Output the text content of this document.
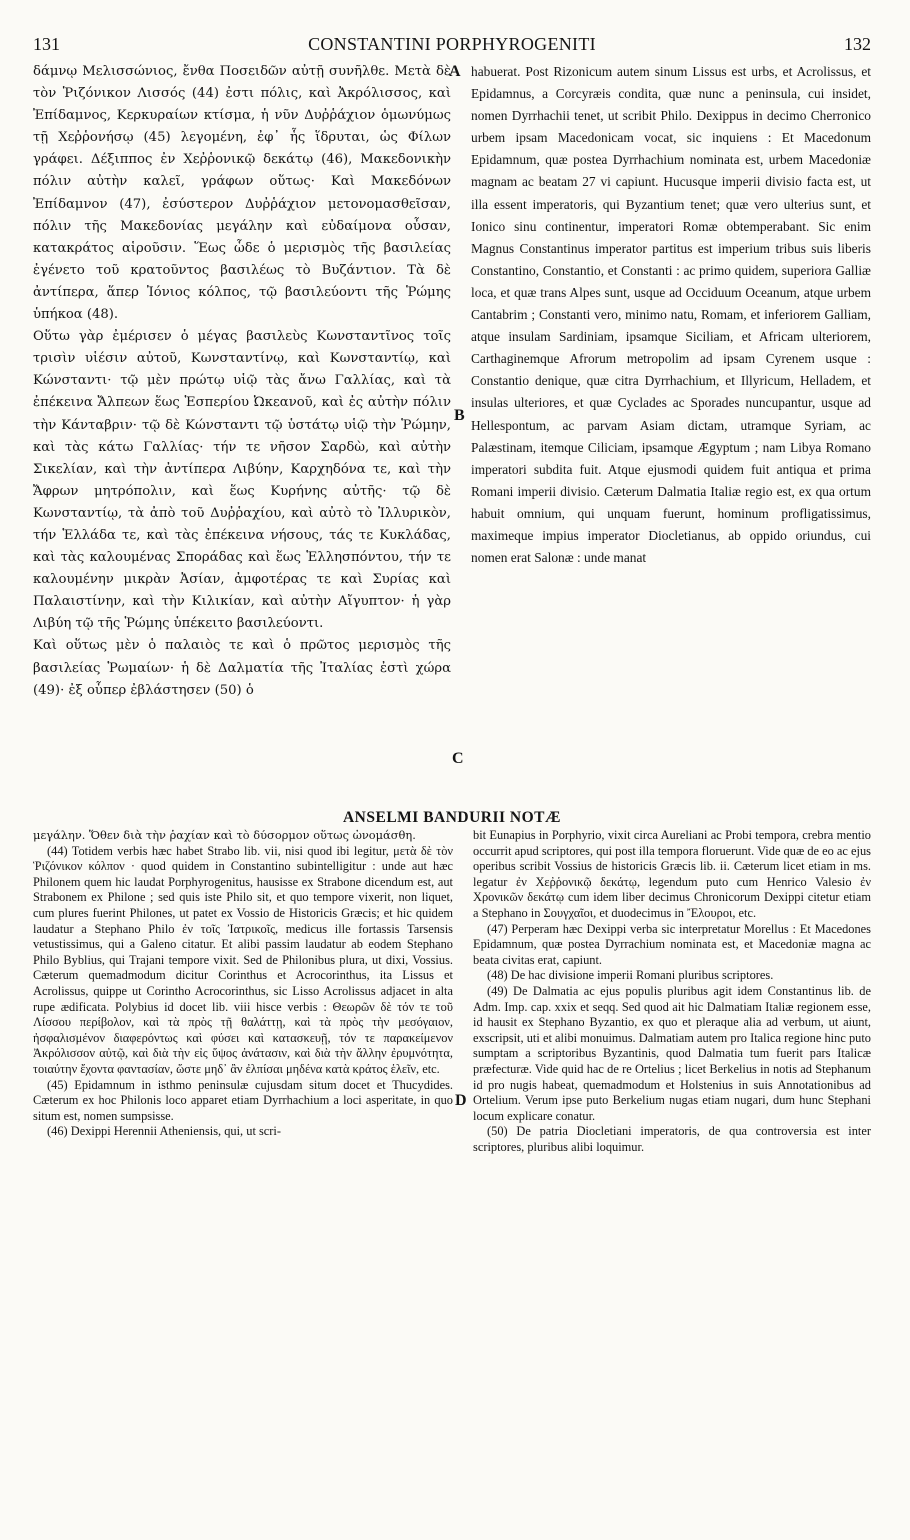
131	CONSTANTINI PORPHYROGENITI	132

δάμνῳ Μελισσώνιος, ἔνθα Ποσειδῶν αὐτῇ συνῆλθε. Μετὰ δὲ τὸν Ῥιζόνικον Λισσός (44) ἐστι πόλις, καὶ Ἀκρόλισσος, καὶ Ἐπίδαμνος, Κερκυραίων κτίσμα, ἡ νῦν Δυῤῥάχιον ὁμωνύμως τῇ Χεῤῥονήσῳ (45) λεγομένη, ἐφ᾽ ἧς ἵδρυται, ὡς Φίλων γράφει. Δέξιππος ἐν Χεῤῥονικῷ δεκάτῳ (46), Μακεδονικὴν πόλιν αὐτὴν καλεῖ, γράφων οὕτως· Καὶ Μακεδόνων Ἐπίδαμνον (47), ἐσύστερον Δυῤῥάχιον μετονομασθεῖσαν, πόλιν τῆς Μακεδονίας μεγάλην καὶ εὐδαίμονα οὖσαν, κατακράτος αἱροῦσιν. Ἕως ὧδε ὁ μερισμὸς τῆς βασιλείας ἐγένετο τοῦ κρατοῦντος βασιλέως τὸ Βυζάντιον. Τὰ δὲ ἀντίπερα, ἅπερ Ἰόνιος κόλπος, τῷ βασιλεύοντι τῆς Ῥώμης ὑπήκοα (48).

Οὕτω γὰρ ἐμέρισεν ὁ μέγας βασιλεὺς Κωνσταντῖνος τοῖς τρισὶν υἱέσιν αὐτοῦ, Κωνσταντίνῳ, καὶ Κωνσταντίῳ, καὶ Κώνσταντι· τῷ μὲν πρώτῳ υἱῷ τὰς ἄνω Γαλλίας, καὶ τὰ ἐπέκεινα Ἄλπεων ἕως Ἑσπερίου Ὠκεανοῦ, καὶ ἐς αὐτὴν πόλιν τὴν Κάνταβριν· τῷ δὲ Κώνσταντι τῷ ὑστάτῳ υἱῷ τὴν Ῥώμην, καὶ τὰς κάτω Γαλλίας· τήν τε νῆσον Σαρδὼ, καὶ αὐτὴν Σικελίαν, καὶ τὴν ἀντίπερα Λιβύην, Καρχηδόνα τε, καὶ τὴν Ἄφρων μητρόπολιν, καὶ ἕως Κυρήνης αὐτῆς· τῷ δὲ Κωνσταντίῳ, τὰ ἀπὸ τοῦ Δυῤῥαχίου, καὶ αὐτὸ τὸ Ἰλλυρικὸν, τήν Ἑλλάδα τε, καὶ τὰς ἐπέκεινα νήσους, τάς τε Κυκλάδας, καὶ τὰς καλουμένας Σποράδας καὶ ἕως Ἑλλησπόντου, τήν τε καλουμένην μικρὰν Ἀσίαν, ἀμφοτέρας τε καὶ Συρίας καὶ Παλαιστίνην, καὶ τὴν Κιλικίαν, καὶ αὐτὴν Αἴγυπτον· ἡ γὰρ Λιβύη τῷ τῆς Ῥώμης ὑπέκειτο βασιλεύοντι.

Καὶ οὕτως μὲν ὁ παλαιὸς τε καὶ ὁ πρῶτος μερισμὸς τῆς βασιλείας Ῥωμαίων· ἡ δὲ Δαλματία τῆς Ἰταλίας ἐστὶ χώρα (49)· ἐξ οὗπερ ἐβλάστησεν (50) ὁ

A
B
C

habuerat. Post Rizonicum autem sinum Lissus est urbs, et Acrolissus, et Epidamnus, a Corcyræis condita, quæ nunc a peninsula, cui insidet, nomen Dyrrhachii tenet, ut scribit Philo. Dexippus in decimo Cherronico urbem ipsam Macedonicam vocat, sic inquiens : Et Macedonum Epidamnum, quæ postea Dyrrhachium nominata est, urbem Macedoniæ magnam ac beatam 27 vi capiunt. Hucusque imperii divisio facta est, ut illa essent imperatoris, qui Byzantium tenet; quæ vero ulterius sunt, et Ionico sinu continentur, imperatori Romæ obtemperabant. Sic enim Magnus Constantinus imperator partitus est imperium tribus suis liberis Constantino, Constantio, et Constanti : ac primo quidem, superiora Galliæ loca, et quæ trans Alpes sunt, usque ad Occiduum Oceanum, atque urbem Cantabrim ; Constanti vero, minimo natu, Romam, et inferiorem Galliam, atque insulam Sardiniam, ipsamque Siciliam, et Africam ulteriorem, Carthaginemque Afrorum metropolim ad ipsam Cyrenem usque : Constantio denique, quæ citra Dyrrhachium, et Illyricum, Helladem, et insulas ulteriores, et quæ Cyclades ac Sporades nuncupantur, usque ad Hellespontum, ac parvam Asiam dictam, utramque Syriam, ac Palæstinam, itemque Ciliciam, ipsamque Ægyptum ; nam Libya Romano imperatori subdita fuit. Atque ejusmodi quidem fuit antiqua et prima Romani imperii divisio. Cæterum Dalmatia Italiæ regio est, ex qua ortum habuit omnium, qui unquam fuerunt, hominum profligatissimus, maximeque impius imperator Diocletianus, ab oppido oriundus, cui nomen erat Salonæ : unde manat

ANSELMI BANDURII NOTÆ

μεγάλην. Ὅθεν διὰ τὴν ῥαχίαν καὶ τὸ δύσορμον οὕτως ὠνομάσθη.

(44) Totidem verbis hæc habet Strabo lib. vii, nisi quod ibi legitur, μετὰ δὲ τὸν Ῥιζόνικον κόλπον · quod quidem in Constantino subintelligitur : unde aut hæc Philonem quem hic laudat Porphyrogenitus, hausisse ex Strabone dicendum est, aut Strabonem ex Philone ; sed quis iste Philo sit, et quo tempore vixerit, non liquet, cum plures fuerint Philones, ut patet ex Vossio de Historicis Græcis; et hic quidem laudatur a Stephano Philo ἐν τοῖς Ἰατρικοῖς, medicus ille fortassis Tarsensis vetustissimus, qui a Galeno citatur. Et alibi passim laudatur ab eodem Stephano Philo Byblius, qui Trajani tempore vixit. Sed de Philonibus plura, ut dixi, Vossius. Cæterum quemadmodum dicitur Corinthus et Acrocorinthus, ita Lissus et Acrolissus, quippe ut Corintho Acrocorinthus, sic Lisso Acrolissus adjacet in alta rupe ædificata. Polybius id docet lib. viii hisce verbis : Θεωρῶν δὲ τόν τε τοῦ Λίσσου περίβολον, καὶ τὰ πρὸς τῇ θαλάττῃ, καὶ τὰ πρὸς τὴν μεσόγαιον, ἠσφαλισμένον διαφερόντως καὶ φύσει καὶ κατασκευῇ, τόν τε παρακείμενον Ἀκρόλισσον αὐτῷ, καὶ διὰ τὴν εἰς ὕψος ἀνάτασιν, καὶ διὰ τὴν ἄλλην ἐρυμνότητα, τοιαύτην ἔχοντα φαντασίαν, ὥστε μηδ᾽ ἂν ἐλπίσαι μηδένα κατὰ κράτος ἑλεῖν, etc.

(45) Epidamnum in isthmo peninsulæ cujusdam situm docet et Thucydides. Cæterum ex hoc Philonis loco apparet etiam Dyrrhachium a loci asperitate, in quo situm est, nomen sumpsisse.

(46) Dexippi Herennii Atheniensis, qui, ut scri-

D

bit Eunapius in Porphyrio, vixit circa Aureliani ac Probi tempora, crebra mentio occurrit apud scriptores, qui post illa tempora floruerunt. Vide quæ de eo ac ejus operibus scribit Vossius de historicis Græcis lib. ii. Cæterum licet etiam in ms. legatur ἐν Χεῤῥονικῷ δεκάτῳ, legendum puto cum Henrico Valesio ἐν Χρονικῶν δεκάτῳ cum idem liber decimus Chronicorum Dexippi citetur etiam a Stephano in Σουγχαῖοι, et duodecimus in Ἔλουροι, etc.

(47) Perperam hæc Dexippi verba sic interpretatur Morellus : Et Macedones Epidamnum, quæ postea Dyrrachium nominata est, et Macedoniæ magna ac beata civitas erat, capiunt.

(48) De hac divisione imperii Romani pluribus scriptores.

(49) De Dalmatia ac ejus populis pluribus agit idem Constantinus lib. de Adm. Imp. cap. xxix et seqq. Sed quod ait hic Dalmatiam Italiæ regionem esse, id hausit ex Stephano Byzantio, ex quo et pleraque alia ad verbum, ut aiunt, exscripsit, uti et alibi monuimus. Dalmatiam autem pro Italica regione hinc puto sumptam a scriptoribus Byzantinis, quod Dalmatia tum fuerit pars Italicæ præfecturæ. Vide quid hac de re Ortelius ; licet Berkelius in notis ad Stephanum id pro nugis habeat, quemadmodum et Holstenius in suis Annotationibus ad Ortelium. Verum ipse puto Berkelium nugas etiam nugari, dum hunc Stephani locum explicare conatur.

(50) De patria Diocletiani imperatoris, de qua controversia est inter scriptores, pluribus alibi loquimur.
